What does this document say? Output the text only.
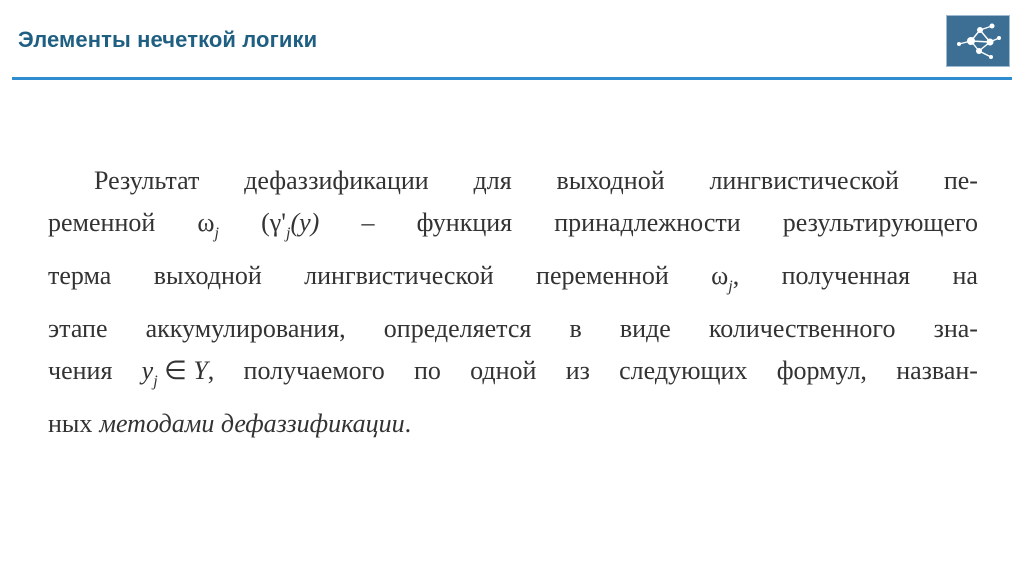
Элементы нечеткой логики
Результат дефаззификации для выходной лингвистической пе-
ременной $\omega_j$ ($\gamma'_j(y)$ – функция принадлежности результирующего
терма выходной лингвистической переменной $\omega_j$, полученная на
этапе аккумулирования, определяется в виде количественного зна-
чения $y_j$ ∈ Y, получаемого по одной из следующих формул, назван-
ных методами дефаззификации.
